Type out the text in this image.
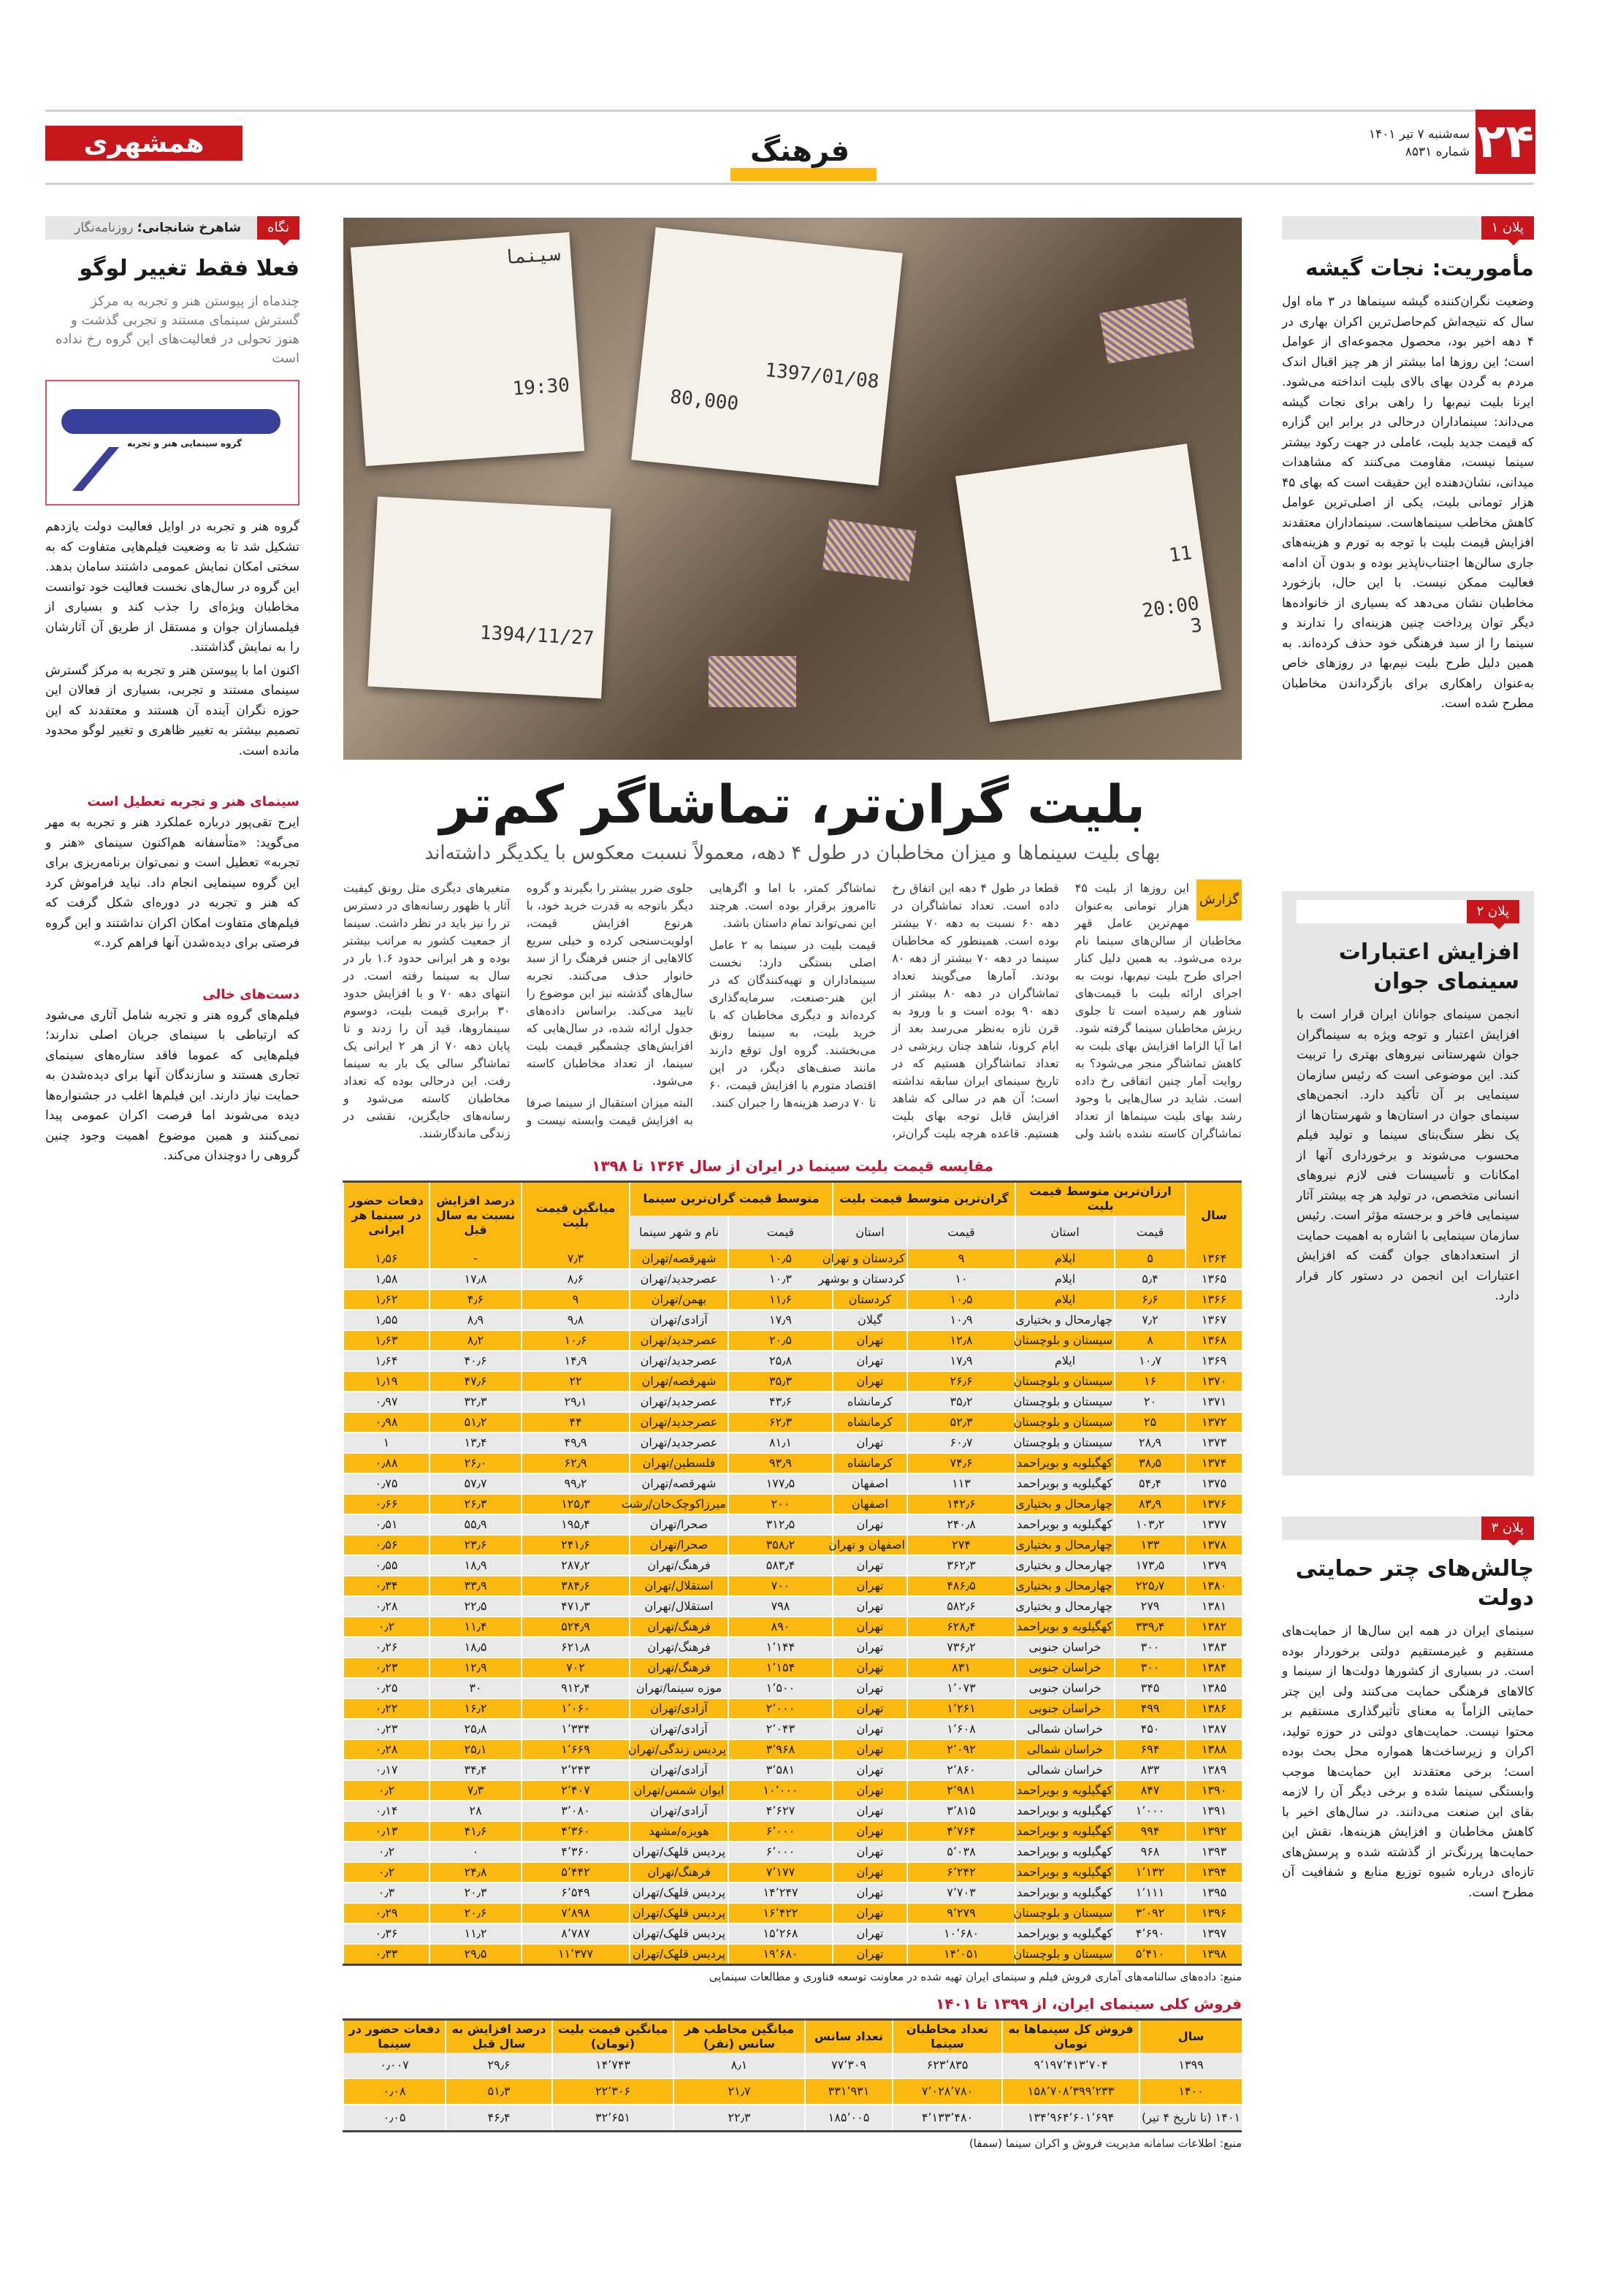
۲۴
سه‌شنبه ۷ تیر ۱۴۰۱
شماره ۸۵۳۱
همشهری	فرهنگ
پلان ۱
مأموریت: نجات گیشه

وضعیت نگران‌کننده گیشه سینماها در ۳ ماه اول سال که نتیجه‌اش کم‌حاصل‌ترین اکران بهاری در ۴ دهه اخیر بود، محصول مجموعه‌ای از عوامل است؛ این روزها اما بیشتر از هر چیز اقبال اندک مردم به گردن بهای بالای بلیت انداخته می‌شود. ایرنا بلیت نیم‌بها را راهی برای نجات گیشه می‌داند: سینماداران درحالی در برابر این گزاره که قیمت جدید بلیت، عاملی در جهت رکود بیشتر سینما نیست، مقاومت می‌کنند که مشاهدات میدانی، نشان‌دهنده این حقیقت است که بهای ۴۵ هزار تومانی بلیت، یکی از اصلی‌ترین عوامل کاهش مخاطب سینماهاست. سینماداران معتقدند افزایش قیمت بلیت با توجه به تورم و هزینه‌های جاری سالن‌ها اجتناب‌ناپذیر بوده و بدون آن ادامه فعالیت ممکن نیست. با این حال، بازخورد مخاطبان نشان می‌دهد که بسیاری از خانواده‌ها دیگر توان پرداخت چنین هزینه‌ای را ندارند و سینما را از سبد فرهنگی خود حذف کرده‌اند. به همین دلیل طرح بلیت نیم‌بها در روزهای خاص به‌عنوان راهکاری برای بازگرداندن مخاطبان مطرح شده است.

پلان ۲
افزایش اعتبارات سینمای جوان

انجمن سینمای جوانان ایران قرار است با افزایش اعتبار و توجه ویژه به سینماگران جوان شهرستانی نیروهای بهتری را تربیت کند. این موضوعی است که رئیس سازمان سینمایی بر آن تأکید دارد. انجمن‌های سینمای جوان در استان‌ها و شهرستان‌ها از یک نظر سنگ‌بنای سینما و تولید فیلم محسوب می‌شوند و برخورداری آنها از امکانات و تأسیسات فنی لازم نیروهای انسانی متخصص، در تولید هر چه بیشتر آثار سینمایی فاخر و برجسته مؤثر است. رئیس سازمان سینمایی با اشاره به اهمیت حمایت از استعدادهای جوان گفت که افزایش اعتبارات این انجمن در دستور کار قرار دارد.

پلان ۳
چالش‌های چتر حمایتی دولت

سینمای ایران در همه این سال‌ها از حمایت‌های مستقیم و غیرمستقیم دولتی برخوردار بوده است. در بسیاری از کشورها دولت‌ها از سینما و کالاهای فرهنگی حمایت می‌کنند ولی این چتر حمایتی الزاماً به معنای تأثیرگذاری مستقیم بر محتوا نیست. حمایت‌های دولتی در حوزه تولید، اکران و زیرساخت‌ها همواره محل بحث بوده است؛ برخی معتقدند این حمایت‌ها موجب وابستگی سینما شده و برخی دیگر آن را لازمه بقای این صنعت می‌دانند. در سال‌های اخیر با کاهش مخاطبان و افزایش هزینه‌ها، نقش این حمایت‌ها پررنگ‌تر از گذشته شده و پرسش‌های تازه‌ای درباره شیوه توزیع منابع و شفافیت آن مطرح است.

نگاه
شاهرخ شانجانی؛ روزنامه‌نگار
فعلا فقط تغییر لوگو
چندماه از پیوستن هنر و تجربه به مرکز گسترش سینمای مستند و تجربی گذشت و هنوز تحولی در فعالیت‌های این گروه رخ نداده است
گروه سینمایی هنر و تجربه

گروه هنر و تجربه در اوایل فعالیت دولت یازدهم تشکیل شد تا به وضعیت فیلم‌هایی متفاوت که به سختی امکان نمایش عمومی داشتند سامان بدهد. این گروه در سال‌های نخست فعالیت خود توانست مخاطبان ویژه‌ای را جذب کند و بسیاری از فیلمسازان جوان و مستقل از طریق آن آثارشان را به نمایش گذاشتند.

اکنون اما با پیوستن هنر و تجربه به مرکز گسترش سینمای مستند و تجربی، بسیاری از فعالان این حوزه نگران آینده آن هستند و معتقدند که این تصمیم بیشتر به تغییر ظاهری و تغییر لوگو محدود مانده است.

سینمای هنر و تجربه تعطیل است

ایرج تقی‌پور درباره عملکرد هنر و تجربه به مهر می‌گوید: «متأسفانه هم‌اکنون سینمای «هنر و تجربه» تعطیل است و نمی‌توان برنامه‌ریزی برای این گروه سینمایی انجام داد. نباید فراموش کرد که هنر و تجربه در دوره‌ای شکل گرفت که فیلم‌های متفاوت امکان اکران نداشتند و این گروه فرصتی برای دیده‌شدن آنها فراهم کرد.»

دست‌های خالی

فیلم‌های گروه هنر و تجربه شامل آثاری می‌شود که ارتباطی با سینمای جریان اصلی ندارند؛ فیلم‌هایی که عموما فاقد ستاره‌های سینمای تجاری هستند و سازندگان آنها برای دیده‌شدن به حمایت نیاز دارند. این فیلم‌ها اغلب در جشنواره‌ها دیده می‌شوند اما فرصت اکران عمومی پیدا نمی‌کنند و همین موضوع اهمیت وجود چنین گروهی را دوچندان می‌کند.

سینما
19:30
1394/11/27
1397/01/08
80,000
11
20:00
3
بلیت گران‌تر، تماشاگر کم‌تر
بهای بلیت سینماها و میزان مخاطبان در طول ۴ دهه، معمولاً نسبت معکوس با یکدیگر داشته‌اند
گزارش

این روزها از بلیت ۴۵ هزار تومانی به‌عنوان مهم‌ترین عامل قهر مخاطبان از سالن‌های سینما نام برده می‌شود. به همین دلیل کنار اجرای طرح بلیت نیم‌بها، نوبت به اجرای ارائه بلیت با قیمت‌های شناور هم رسیده است تا جلوی ریزش مخاطبان سینما گرفته شود. اما آیا الزاما افزایش بهای بلیت به کاهش تماشاگر منجر می‌شود؟ به روایت آمار چنین اتفاقی رخ داده است. شاید در سال‌هایی با وجود رشد بهای بلیت سینماها از تعداد تماشاگران کاسته نشده باشد ولی قطعا در طول ۴ دهه این اتفاق رخ داده است. تعداد تماشاگران در دهه ۶۰ نسبت به دهه ۷۰ بیشتر بوده است. همینطور که مخاطبان سینما در دهه ۷۰ بیشتر از دهه ۸۰ بودند. آمارها می‌گویند تعداد تماشاگران در دهه ۸۰ بیشتر از دهه ۹۰ بوده است و با ورود به قرن تازه به‌نظر می‌رسد بعد از ایام کرونا، شاهد چنان ریزشی در تعداد تماشاگران هستیم که در تاریخ سینمای ایران سابقه نداشته است؛ آن هم در سالی که شاهد افزایش قابل توجه بهای بلیت هستیم. قاعده هرچه بلیت گران‌تر، تماشاگر کمتر، با اما و اگرهایی تاامروز برقرار بوده است. هرچند این نمی‌تواند تمام داستان باشد.

قیمت بلیت در سینما به ۲ عامل اصلی بستگی دارد: نخست سینماداران و تهیه‌کنندگان که در این هنر-صنعت، سرمایه‌گذاری کرده‌اند و دیگری مخاطبان که با خرید بلیت، به سینما رونق می‌بخشند. گروه اول توقع دارند مانند صنف‌های دیگر، در این اقتصاد متورم با افزایش قیمت، ۶۰ تا ۷۰ درصد هزینه‌ها را جبران کنند.

جلوی ضرر بیشتر را بگیرند و گروه دیگر باتوجه به قدرت خرید خود، با هرنوع افزایش قیمت، اولویت‌سنجی کرده و خیلی سریع کالاهایی از جنس فرهنگ را از سبد خانوار حذف می‌کنند. تجربه سال‌های گذشته نیز این موضوع را تایید می‌کند. براساس داده‌های جدول ارائه شده، در سال‌هایی که افزایش‌های چشمگیر قیمت بلیت سینما، از تعداد مخاطبان کاسته می‌شود.

البته میزان استقبال از سینما صرفا به افزایش قیمت وابسته نیست و متغیرهای دیگری مثل رونق کیفیت آثار یا ظهور رسانه‌های در دسترس تر را نیز باید در نظر داشت. سینما از جمعیت کشور به مراتب بیشتر بوده و هر ایرانی حدود ۱.۶ بار در سال به سینما رفته است. در انتهای دهه ۷۰ و با افزایش حدود ۳۰ برابری قیمت بلیت، دوسوم سینماروها، قید آن را زدند و تا پایان دهه ۷۰ از هر ۲ ایرانی یک تماشاگر سالی یک بار به سینما رفت. این درحالی بوده که تعداد مخاطبان کاسته می‌شود و رسانه‌های جایگزین، نقشی در زندگی ماندگارشند.

مقایسه قیمت بلیت سینما در ایران از سال ۱۳۶۴ تا ۱۳۹۸
سال	ارزان‌ترین متوسط قیمت بلیت		گران‌ترین متوسط قیمت بلیت		متوسط قیمت گران‌ترین سینما		میانگین قیمت بلیت	درصد افزایش نسبت به سال قبل	دفعات حضور در سینما هر ایرانی
	قیمت	استان	قیمت	استان	قیمت	نام و شهر سینما			
۱۳۶۴	۵	ایلام	۹	کردستان و تهران	۱۰٫۵	شهرقصه/تهران	۷٫۳	-	۱٫۵۶
۱۳۶۵	۵٫۴	ایلام	۱۰	کردستان و بوشهر	۱۰٫۳	عصرجدید/تهران	۸٫۶	۱۷٫۸	۱٫۵۸
۱۳۶۶	۶٫۶	ایلام	۱۰٫۵	کردستان	۱۱٫۶	بهمن/تهران	۹	۴٫۶	۱٫۶۲
۱۳۶۷	۷٫۲	چهارمحال و بختیاری	۱۰٫۹	گیلان	۱۷٫۹	آزادی/تهران	۹٫۸	۸٫۹	۱٫۵۵
۱۳۶۸	۸	سیستان و بلوچستان	۱۲٫۸	تهران	۲۰٫۵	عصرجدید/تهران	۱۰٫۶	۸٫۲	۱٫۶۳
۱۳۶۹	۱۰٫۷	ایلام	۱۷٫۹	تهران	۲۵٫۸	عصرجدید/تهران	۱۴٫۹	۴۰٫۶	۱٫۶۴
۱۳۷۰	۱۶	سیستان و بلوچستان	۲۶٫۶	تهران	۳۵٫۳	شهرقصه/تهران	۲۲	۴۷٫۶	۱٫۱۹
۱۳۷۱	۲۰	سیستان و بلوچستان	۳۵٫۲	کرمانشاه	۴۳٫۶	عصرجدید/تهران	۲۹٫۱	۳۲٫۳	۰٫۹۷
۱۳۷۲	۲۵	سیستان و بلوچستان	۵۲٫۳	کرمانشاه	۶۲٫۳	عصرجدید/تهران	۴۴	۵۱٫۲	۰٫۹۸
۱۳۷۳	۲۸٫۹	سیستان و بلوچستان	۶۰٫۷	تهران	۸۱٫۱	عصرجدید/تهران	۴۹٫۹	۱۳٫۴	۱
۱۳۷۴	۳۸٫۵	کهگیلویه و بویراحمد	۷۴٫۶	کرمانشاه	۹۳٫۹	فلسطین/تهران	۶۲٫۹	۲۶٫۰	۰٫۸۸
۱۳۷۵	۵۴٫۴	کهگیلویه و بویراحمد	۱۱۳	اصفهان	۱۷۷٫۵	شهرقصه/تهران	۹۹٫۲	۵۷٫۷	۰٫۷۵
۱۳۷۶	۸۳٫۹	چهارمحال و بختیاری	۱۴۲٫۶	اصفهان	۲۰۰	میرزاکوچک‌خان/رشت	۱۲۵٫۳	۲۶٫۳	۰٫۶۶
۱۳۷۷	۱۰۳٫۲	کهگیلویه و بویراحمد	۲۴۰٫۸	تهران	۳۱۲٫۵	صحرا/تهران	۱۹۵٫۴	۵۵٫۹	۰٫۵۱
۱۳۷۸	۱۳۳	چهارمحال و بختیاری	۲۷۴	اصفهان و تهران	۳۵۸٫۲	صحرا/تهران	۲۴۱٫۶	۲۳٫۶	۰٫۵۶
۱۳۷۹	۱۷۳٫۵	چهارمحال و بختیاری	۳۶۲٫۳	تهران	۵۸۳٫۴	فرهنگ/تهران	۲۸۷٫۲	۱۸٫۹	۰٫۵۵
۱۳۸۰	۲۲۵٫۷	چهارمحال و بختیاری	۴۸۶٫۵	تهران	۷۰۰	استقلال/تهران	۳۸۴٫۶	۳۳٫۹	۰٫۳۴
۱۳۸۱	۲۷۹	چهارمحال و بختیاری	۵۸۲٫۶	تهران	۷۹۸	استقلال/تهران	۴۷۱٫۳	۲۲٫۵	۰٫۲۸
۱۳۸۲	۳۳۹٫۴	کهگیلویه و بویراحمد	۶۲۸٫۴	تهران	۸۹۰	فرهنگ/تهران	۵۲۴٫۹	۱۱٫۴	۰٫۲
۱۳۸۳	۳۰۰	خراسان جنوبی	۷۳۶٫۲	تهران	۱٬۱۴۴	فرهنگ/تهران	۶۲۱٫۸	۱۸٫۵	۰٫۲۶
۱۳۸۴	۳۰۰	خراسان جنوبی	۸۳۱	تهران	۱٬۱۵۴	فرهنگ/تهران	۷۰۲	۱۲٫۹	۰٫۲۳
۱۳۸۵	۳۴۵	خراسان جنوبی	۱٬۰۷۳	تهران	۱٬۵۰۰	موزه سینما/تهران	۹۱۲٫۴	۳۰	۰٫۲۵
۱۳۸۶	۴۹۹	خراسان جنوبی	۱٬۲۶۱	تهران	۲٬۰۰۰	آزادی/تهران	۱٬۰۶۰	۱۶٫۲	۰٫۲۲
۱۳۸۷	۴۵۰	خراسان شمالی	۱٬۶۰۸	تهران	۲٬۰۴۳	آزادی/تهران	۱٬۳۳۴	۲۵٫۸	۰٫۲۳
۱۳۸۸	۶۹۴	خراسان شمالی	۲٬۰۹۲	تهران	۳٬۹۶۸	پردیس زندگی/تهران	۱٬۶۶۹	۲۵٫۱	۰٫۲۸
۱۳۸۹	۸۳۳	خراسان شمالی	۲٬۸۶۰	تهران	۳٬۵۸۱	آزادی/تهران	۲٬۲۴۳	۳۴٫۴	۰٫۱۷
۱۳۹۰	۸۴۷	کهگیلویه و بویراحمد	۲٬۹۸۱	تهران	۱۰٬۰۰۰	ایوان شمس/تهران	۲٬۴۰۷	۷٫۳	۰٫۲
۱۳۹۱	۱٬۰۰۰	کهگیلویه و بویراحمد	۳٬۸۱۵	تهران	۴٬۶۲۷	آزادی/تهران	۳٬۰۸۰	۲۸	۰٫۱۴
۱۳۹۲	۹۹۴	کهگیلویه و بویراحمد	۴٬۷۶۴	تهران	۶٬۰۰۰	هویزه/مشهد	۴٬۳۶۰	۴۱٫۶	۰٫۱۳
۱۳۹۳	۹۶۸	کهگیلویه و بویراحمد	۵٬۰۳۸	تهران	۶٬۰۰۰	پردیس قلهک/تهران	۴٬۳۶۰	۰	۰٫۲
۱۳۹۴	۱٬۱۳۲	کهگیلویه و بویراحمد	۶٬۲۴۲	تهران	۷٬۱۷۷	فرهنگ/تهران	۵٬۴۴۲	۲۴٫۸	۰٫۲
۱۳۹۵	۱٬۱۱۱	کهگیلویه و بویراحمد	۷٬۷۰۳	تهران	۱۴٬۲۴۷	پردیس قلهک/تهران	۶٬۵۴۹	۲۰٫۳	۰٫۳
۱۳۹۶	۳٬۰۹۲	سیستان و بلوچستان	۹٬۲۷۹	تهران	۱۶٬۴۲۲	پردیس قلهک/تهران	۷٬۸۹۸	۲۰٫۶	۰٫۲۹
۱۳۹۷	۴٬۶۹۰	کهگیلویه و بویراحمد	۱۰٬۶۸۰	تهران	۱۵٬۲۶۸	پردیس قلهک/تهران	۸٬۷۸۷	۱۱٫۲	۰٫۳۶
۱۳۹۸	۵٬۴۱۰	سیستان و بلوچستان	۱۴٬۰۵۱	تهران	۱۹٬۶۸۰	پردیس قلهک/تهران	۱۱٬۳۷۷	۲۹٫۵	۰٫۳۳
منبع: داده‌های سالنامه‌های آماری فروش فیلم و سینمای ایران تهیه شده در معاونت توسعه فناوری و مطالعات سینمایی
فروش کلی سینمای ایران، از ۱۳۹۹ تا ۱۴۰۱
سال	فروش کل سینماها به تومان	تعداد مخاطبان سینما	تعداد سانس	میانگین مخاطب هر سانس (نفر)	میانگین قیمت بلیت (تومان)	درصد افزایش به سال قبل	دفعات حضور در سینما
۱۳۹۹	۹٬۱۹۷٬۴۱۳٬۷۰۴	۶۲۳٬۸۳۵	۷۷٬۳۰۹	۸٫۱	۱۴٬۷۴۳	۲۹٫۶	۰٫۰۰۷
۱۴۰۰	۱۵۸٬۷۰۸٬۳۹۹٬۲۳۳	۷٬۰۲۸٬۷۸۰	۳۳۱٬۹۳۱	۲۱٫۷	۲۲٬۳۰۶	۵۱٫۳	۰٫۰۸
۱۴۰۱ (تا تاریخ ۴ تیر)	۱۳۴٬۹۶۴٬۶۰۱٬۶۹۴	۴٬۱۳۳٬۴۸۰	۱۸۵٬۰۰۵	۲۲٫۳	۳۲٬۶۵۱	۴۶٫۴	۰٫۰۵
منبع: اطلاعات سامانه مدیریت فروش و اکران سینما (سمفا)
